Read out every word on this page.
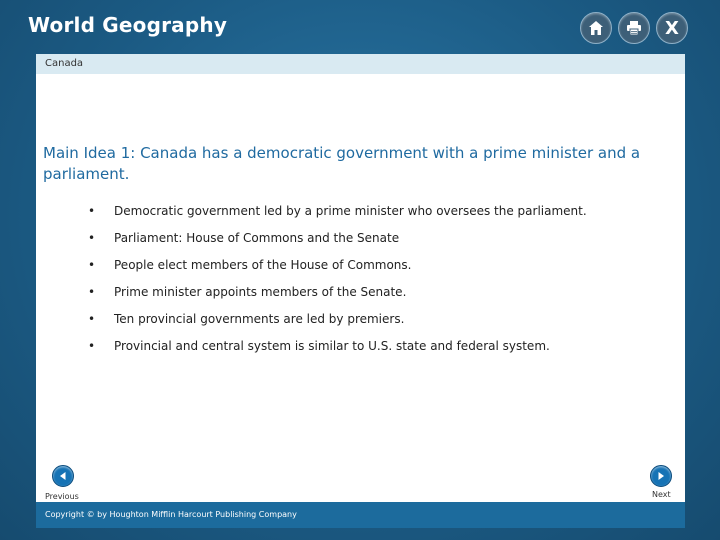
World Geography	X
Canada
Main Idea 1: Canada has a democratic government with a prime minister and a parliament.
• Democratic government led by a prime minister who oversees the parliament.
• Parliament: House of Commons and the Senate
• People elect members of the House of Commons.
• Prime minister appoints members of the Senate.
• Ten provincial governments are led by premiers.
• Provincial and central system is similar to U.S. state and federal system.
Previous	Next
Copyright © by Houghton Mifflin Harcourt Publishing Company
